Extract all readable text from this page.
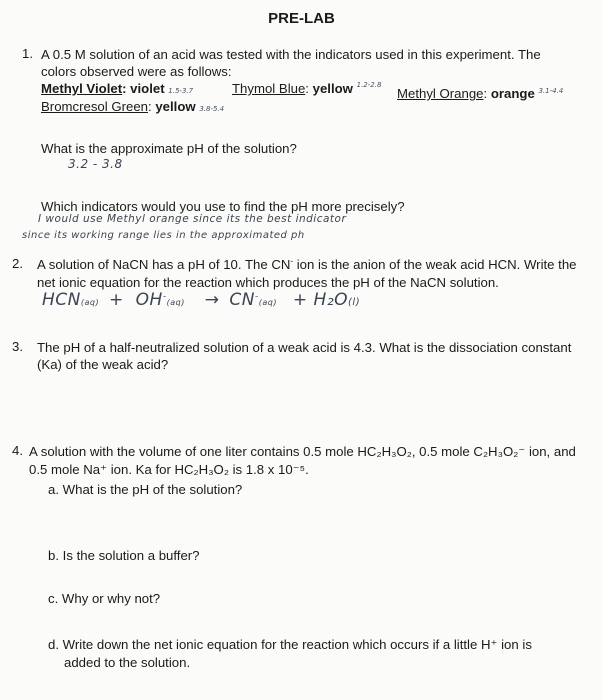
PRE-LAB
1. A 0.5 M solution of an acid was tested with the indicators used in this experiment. The
colors observed were as follows:
Methyl Violet: violet 1.5-3.7	Thymol Blue: yellow $^{1.2-2.8}$
Methyl Orange: orange $^{3.1-4.4}$
Bromcresol Green: yellow 3.8-5.4
What is the approximate pH of the solution?
3.2 - 3.8
Which indicators would you use to find the pH more precisely?
I would use Methyl orange since its the best indicator
since its working range lies in the approximated ph
2. A solution of NaCN has a pH of 10. The CN- ion is the anion of the weak acid HCN. Write the
net ionic equation for the reaction which produces the pH of the NaCN solution.
HCN(aq) + OH-(aq) → CN-(aq) + H₂O(l)
3. The pH of a half-neutralized solution of a weak acid is 4.3. What is the dissociation constant
(Ka) of the weak acid?
4. A solution with the volume of one liter contains 0.5 mole HC₂H₃O₂, 0.5 mole C₂H₃O₂⁻ ion, and
0.5 mole Na⁺ ion. Ka for HC₂H₃O₂ is 1.8 x 10⁻⁵.
a. What is the pH of the solution?
b. Is the solution a buffer?
c. Why or why not?
d. Write down the net ionic equation for the reaction which occurs if a little H⁺ ion is
added to the solution.
